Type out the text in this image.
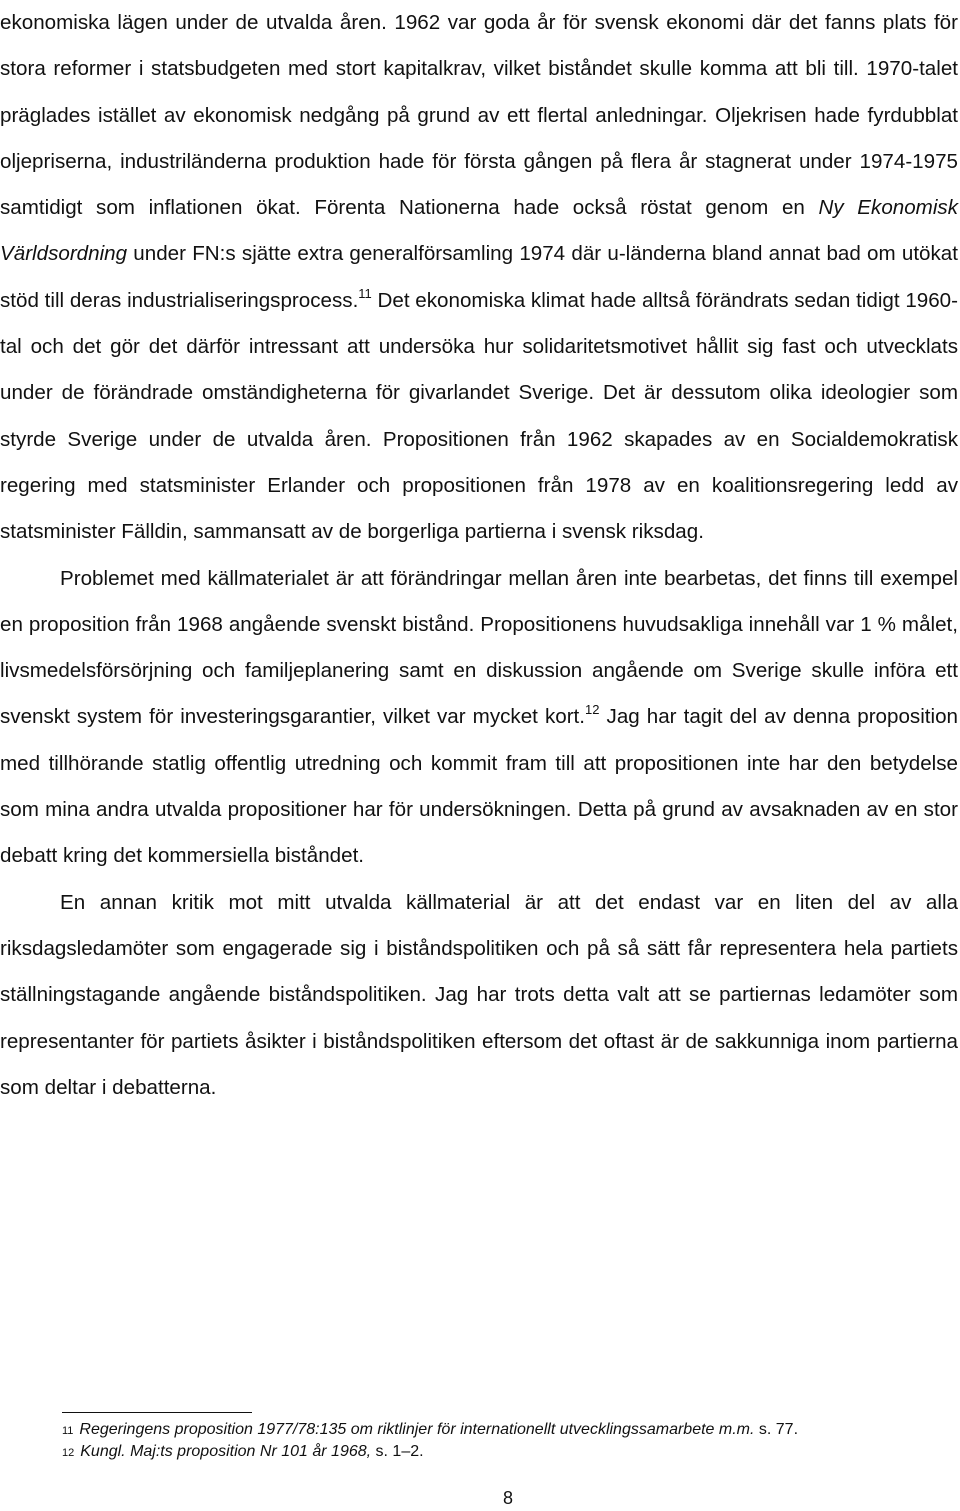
ekonomiska lägen under de utvalda åren. 1962 var goda år för svensk ekonomi där det fanns plats för stora reformer i statsbudgeten med stort kapitalkrav, vilket biståndet skulle komma att bli till. 1970-talet präglades istället av ekonomisk nedgång på grund av ett flertal anledningar. Oljekrisen hade fyrdubblat oljepriserna, industriländerna produktion hade för första gången på flera år stagnerat under 1974-1975 samtidigt som inflationen ökat. Förenta Nationerna hade också röstat genom en Ny Ekonomisk Världsordning under FN:s sjätte extra generalförsamling 1974 där u-länderna bland annat bad om utökat stöd till deras industrialiseringsprocess.$^{11}$ Det ekonomiska klimat hade alltså förändrats sedan tidigt 1960-tal och det gör det därför intressant att undersöka hur solidaritetsmotivet hållit sig fast och utvecklats under de förändrade omständigheterna för givarlandet Sverige. Det är dessutom olika ideologier som styrde Sverige under de utvalda åren. Propositionen från 1962 skapades av en Socialdemokratisk regering med statsminister Erlander och propositionen från 1978 av en koalitionsregering ledd av statsminister Fälldin, sammansatt av de borgerliga partierna i svensk riksdag.

Problemet med källmaterialet är att förändringar mellan åren inte bearbetas, det finns till exempel en proposition från 1968 angående svenskt bistånd. Propositionens huvudsakliga innehåll var 1 % målet, livsmedelsförsörjning och familjeplanering samt en diskussion angående om Sverige skulle införa ett svenskt system för investeringsgarantier, vilket var mycket kort.$^{12}$ Jag har tagit del av denna proposition med tillhörande statlig offentlig utredning och kommit fram till att propositionen inte har den betydelse som mina andra utvalda propositioner har för undersökningen. Detta på grund av avsaknaden av en stor debatt kring det kommersiella biståndet.

En annan kritik mot mitt utvalda källmaterial är att det endast var en liten del av alla riksdagsledamöter som engagerade sig i biståndspolitiken och på så sätt får representera hela partiets ställningstagande angående biståndspolitiken. Jag har trots detta valt att se partiernas ledamöter som representanter för partiets åsikter i biståndspolitiken eftersom det oftast är de sakkunniga inom partierna som deltar i debatterna.

11 Regeringens proposition 1977/78:135 om riktlinjer för internationellt utvecklingssamarbete m.m. s. 77.
12 Kungl. Maj:ts proposition Nr 101 år 1968, s. 1–2.
8
